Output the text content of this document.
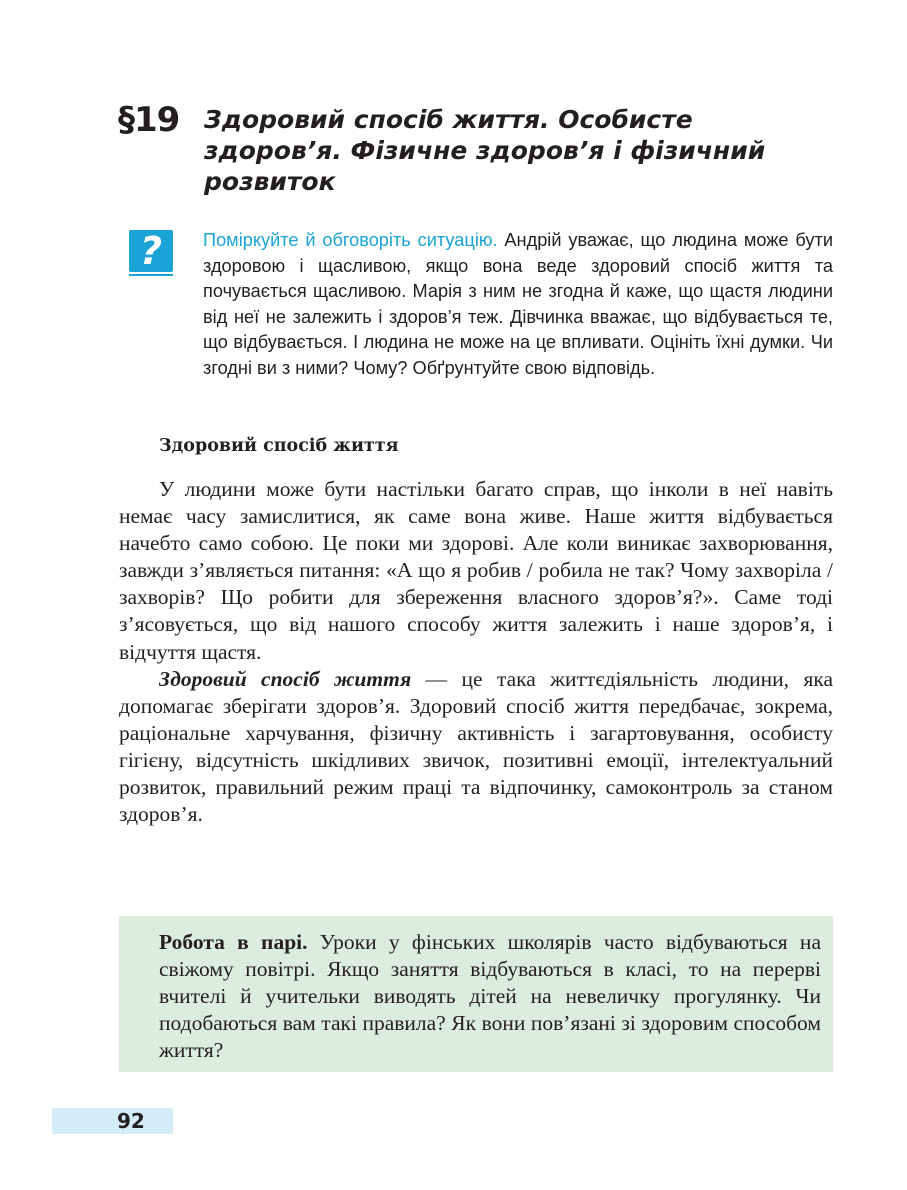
§19 Здоровий спосіб життя. Особисте здоров’я. Фізичне здоров’я і фізичний розвиток
?	Поміркуйте й обговоріть ситуацію. Андрій уважає, що людина може бути здоровою і щасливою, якщо вона веде здоровий спосіб життя та почувається щасливою. Марія з ним не згодна й каже, що щастя людини від неї не залежить і здоров’я теж. Дівчинка вважає, що відбувається те, що відбувається. І людина не може на це впливати. Оцініть їхні думки. Чи згодні ви з ними? Чому? Обґрунтуйте свою відповідь.
Здоровий спосіб життя

У людини може бути настільки багато справ, що інколи в неї навіть немає часу замислитися, як саме вона живе. Наше життя відбувається начебто само собою. Це поки ми здорові. Але коли виникає захворювання, завжди з’являється питання: «А що я робив / робила не так? Чому захворіла / захворів? Що робити для збереження власного здоров’я?». Саме тоді з’ясовується, що від нашого способу життя залежить і наше здоров’я, і відчуття щастя.

Здоровий спосіб життя — це така життєдіяльність людини, яка допомагає зберігати здоров’я. Здоровий спосіб життя передбачає, зокрема, раціональне харчування, фізичну активність і загартовування, особисту гігієну, відсутність шкідливих звичок, позитивні емоції, інтелектуальний розвиток, правильний режим праці та відпочинку, самоконтроль за станом здоров’я.

Робота в парі. Уроки у фінських школярів часто відбуваються на свіжому повітрі. Якщо заняття відбуваються в класі, то на перерві вчителі й учительки виводять дітей на невеличку прогулянку. Чи подобаються вам такі правила? Як вони пов’язані зі здоровим способом життя?
92
